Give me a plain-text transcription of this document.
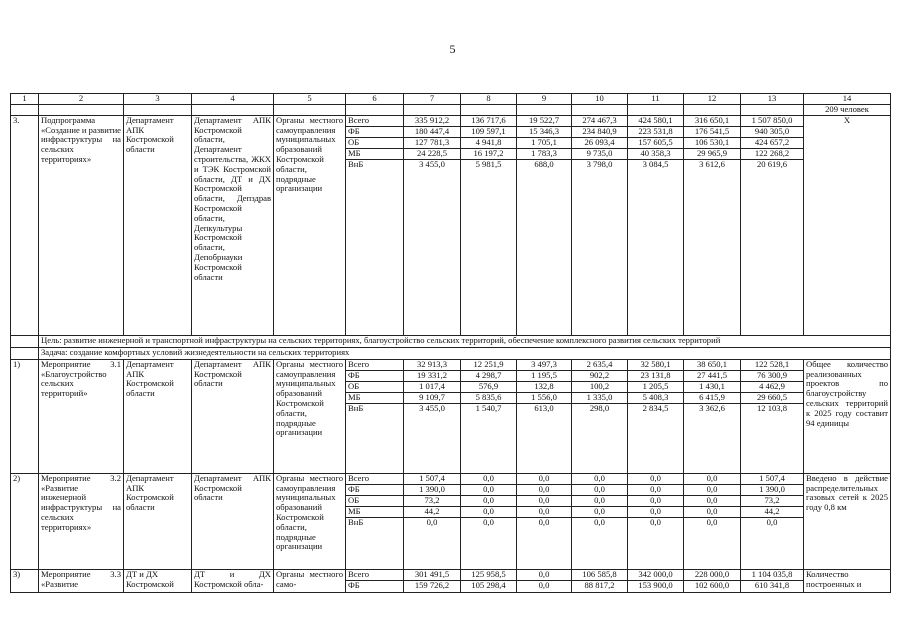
5
1	2	3	4	5	6	7	8	9	10	11	12	13	14
													209 человек
3.	Подпрограмма «Создание и развитие инфраструктуры на сельских территориях»	Департамент АПК Костромской области	Департамент АПК Костромской области, Департамент строительства, ЖКХ и ТЭК Костромской области, ДТ и ДХ Костромской области, Депздрав Костромской области, Депкультуры Костромской области, Депобрнауки Костромской области	Органы местного самоуправления муниципальных образований Костромской области, подрядные организации	Всего	335 912,2	136 717,6	19 522,7	274 467,3	424 580,1	316 650,1	1 507 850,0	X
					ФБ	180 447,4	109 597,1	15 346,3	234 840,9	223 531,8	176 541,5	940 305,0	
					ОБ	127 781,3	4 941,8	1 705,1	26 093,4	157 605,5	106 530,1	424 657,2	
					МБ	24 228,5	16 197,2	1 783,3	9 735,0	40 358,3	29 965,9	122 268,2	
					ВнБ	3 455,0	5 981,5	688,0	3 798,0	3 084,5	3 612,6	20 619,6	
	Цель: развитие инженерной и транспортной инфраструктуры на сельских территориях, благоустройство сельских территорий, обеспечение комплексного развития сельских территорий												
	Задача: создание комфортных условий жизнедеятельности на сельских территориях												
1)	Мероприятие 3.1 «Благоустройство сельских территорий»	Департамент АПК Костромской области	Департамент АПК Костромской области	Органы местного самоуправления муниципальных образований Костромской области, подрядные организации	Всего	32 913,3	12 251,9	3 497,3	2 635,4	32 580,1	38 650,1	122 528,1	Общее количество реализованных проектов по благоустройству сельских территорий к 2025 году составит 94 единицы
					ФБ	19 331,2	4 298,7	1 195,5	902,2	23 131,8	27 441,5	76 300,9	
					ОБ	1 017,4	576,9	132,8	100,2	1 205,5	1 430,1	4 462,9	
					МБ	9 109,7	5 835,6	1 556,0	1 335,0	5 408,3	6 415,9	29 660,5	
					ВнБ	3 455,0	1 540,7	613,0	298,0	2 834,5	3 362,6	12 103,8	
2)	Мероприятие 3.2 «Развитие инженерной инфраструктуры на сельских территориях»	Департамент АПК Костромской области	Департамент АПК Костромской области	Органы местного самоуправления муниципальных образований Костромской области, подрядные организации	Всего	1 507,4	0,0	0,0	0,0	0,0	0,0	1 507,4	Введено в действие распределительных газовых сетей к 2025 году 0,8 км
					ФБ	1 390,0	0,0	0,0	0,0	0,0	0,0	1 390,0	
					ОБ	73,2	0,0	0,0	0,0	0,0	0,0	73,2	
					МБ	44,2	0,0	0,0	0,0	0,0	0,0	44,2	
					ВнБ	0,0	0,0	0,0	0,0	0,0	0,0	0,0	
3)	Мероприятие 3.3 «Развитие	ДТ и ДХ Костромской	ДТ и ДХ Костромской обла-	Органы местного само-	Всего	301 491,5	125 958,5	0,0	106 585,8	342 000,0	228 000,0	1 104 035,8	Количество построенных и
					ФБ	159 726,2	105 298,4	0,0	88 817,2	153 900,0	102 600,0	610 341,8	
